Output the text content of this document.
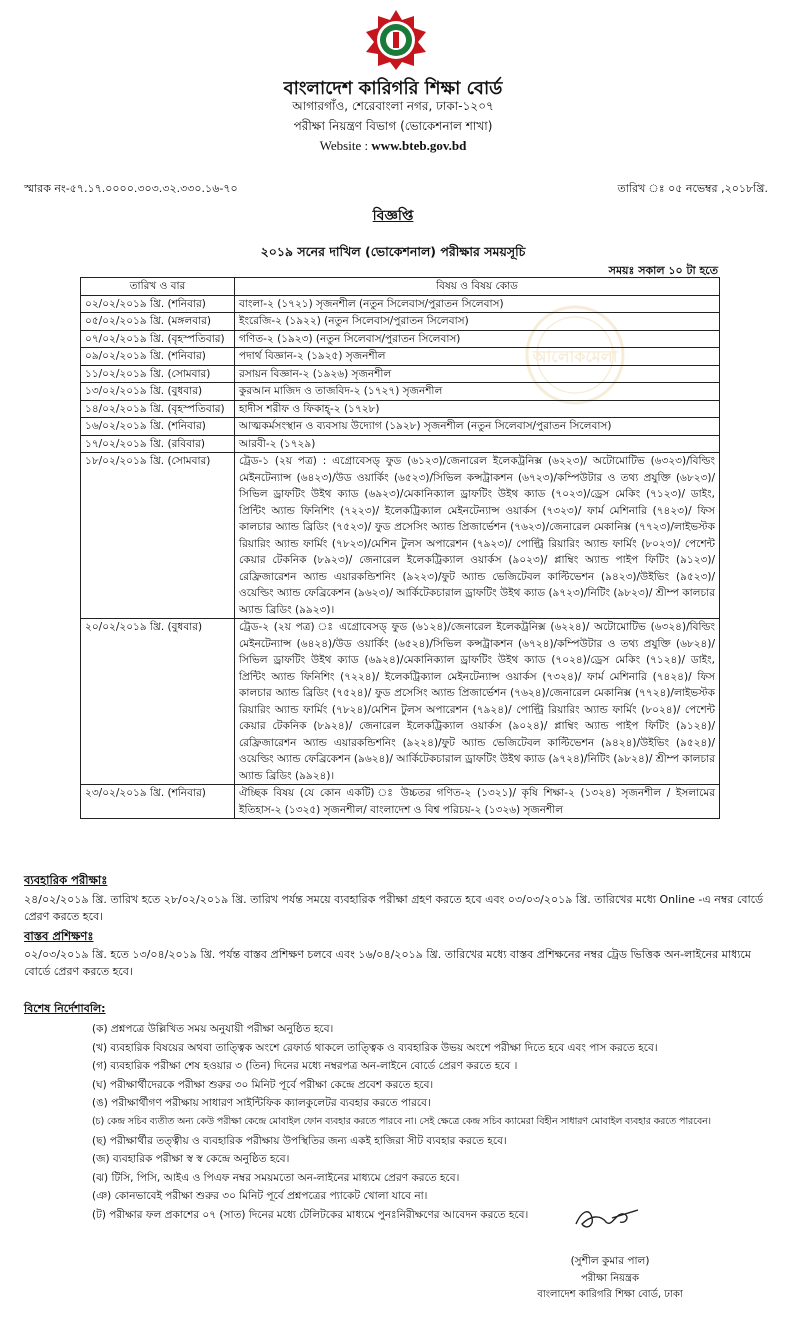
বাংলাদেশ কারিগরি শিক্ষা বোর্ড
আগারগাঁও, শেরেবাংলা নগর, ঢাকা-১২০৭
পরীক্ষা নিয়ন্ত্রণ বিভাগ (ভোকেশনাল শাখা)
Website : www.bteb.gov.bd
স্মারক নং-৫৭.১৭.০০০০.৩০৩.৩২.৩৩০.১৬-৭০	তারিখ ঃ ০৫ নভেম্বর ,২০১৮খ্রি.
বিজ্ঞপ্তি
২০১৯ সনের দাখিল (ভোকেশনাল) পরীক্ষার সময়সূচি
সময়ঃ সকাল ১০ টা হতে
আলোকমেলা
তারিখ ও বার	বিষয় ও বিষয় কোড
০২/০২/২০১৯ খ্রি. (শনিবার)	বাংলা-২ (১৭২১) সৃজনশীল (নতুন সিলেবাস/পুরাতন সিলেবাস)
০৫/০২/২০১৯ খ্রি. (মঙ্গলবার)	ইংরেজি-২ (১৯২২) (নতুন সিলেবাস/পুরাতন সিলেবাস)
০৭/০২/২০১৯ খ্রি. (বৃহস্পতিবার)	গণিত-২ (১৯২৩) (নতুন সিলেবাস/পুরাতন সিলেবাস)
০৯/০২/২০১৯ খ্রি. (শনিবার)	পদার্থ বিজ্ঞান-২ (১৯২৫) সৃজনশীল
১১/০২/২০১৯ খ্রি. (সোমবার)	রসায়ন বিজ্ঞান-২ (১৯২৬) সৃজনশীল
১৩/০২/২০১৯ খ্রি. (বুধবার)	কুরআন মাজিদ ও তাজবিদ-২ (১৭২৭) সৃজনশীল
১৪/০২/২০১৯ খ্রি. (বৃহস্পতিবার)	হাদীস শরীফ ও ফিকাহ্-২ (১৭২৮)
১৬/০২/২০১৯ খ্রি. (শনিবার)	আত্মকর্মসংস্থান ও ব্যবসায় উদ্যোগ (১৯২৮) সৃজনশীল (নতুন সিলেবাস/পুরাতন সিলেবাস)
১৭/০২/২০১৯ খ্রি. (রবিবার)	আরবী-২ (১৭২৯)
১৮/০২/২০১৯ খ্রি. (সোমবার)	ট্রেড-১ (২য় পত্র) : এগ্রোবেসড্ ফুড (৬১২৩)/জেনারেল ইলেকট্রনিক্স (৬২২৩)/ অটোমোটিভ (৬৩২৩)/বিল্ডিং মেইনটেন্যান্স (৬৪২৩)/উড ওয়ার্কিং (৬৫২৩)/সিভিল কন্সট্রাকশন (৬৭২৩)/কম্পিউটার ও তথ্য প্রযুক্তি (৬৮২৩)/সিভিল ড্রাফটিং উইথ ক্যাড (৬৯২৩)/মেকানিক্যাল ড্রাফটিং উইথ ক্যাড (৭০২৩)/ড্রেস মেকিং (৭১২৩)/ ডাইং, প্রিন্টিং অ্যান্ড ফিনিশিং (৭২২৩)/ ইলেকট্রিক্যাল মেইনটেন্যান্স ওয়ার্কস (৭৩২৩)/ ফার্ম মেশিনারি (৭৪২৩)/ ফিস কালচার অ্যান্ড ব্রিডিং (৭৫২৩)/ ফুড প্রসেসিং অ্যান্ড প্রিজার্ভেশন (৭৬২৩)/জেনারেল মেকানিক্স (৭৭২৩)/লাইভস্টক রিয়ারিং অ্যান্ড ফার্মিং (৭৮২৩)/মেশিন টুলস অপারেশন (৭৯২৩)/ পোল্ট্রি রিয়ারিং অ্যান্ড ফার্মিং (৮০২৩)/ পেশেন্ট কেয়ার টেকনিক (৮৯২৩)/ জেনারেল ইলেকট্রিক্যাল ওয়ার্কস (৯০২৩)/ প্লাম্বিং অ্যান্ড পাইপ ফিটিং (৯১২৩)/রেফ্রিজারেশন অ্যান্ড এয়ারকন্ডিশনিং (৯২২৩)/ফুট অ্যান্ড ভেজিটেবল কাল্টিভেশন (৯৪২৩)/উইভিং (৯৫২৩)/ওয়েল্ডিং অ্যান্ড ফেব্রিকেশন (৯৬২৩)/ আর্কিটেকচারাল ড্রাফটিং উইথ ক্যাড (৯৭২৩)/নিটিং (৯৮২৩)/ শ্রীম্প কালচার অ্যান্ড ব্রিডিং (৯৯২৩)।
২০/০২/২০১৯ খ্রি. (বুধবার)	ট্রেড-২ (২য় পত্র) ঃ এগ্রোবেসড্ ফুড (৬১২৪)/জেনারেল ইলেকট্রনিক্স (৬২২৪)/ অটোমোটিভ (৬৩২৪)/বিল্ডিং মেইনটেন্যান্স (৬৪২৪)/উড ওয়ার্কিং (৬৫২৪)/সিভিল কন্সট্রাকশন (৬৭২৪)/কম্পিউটার ও তথ্য প্রযুক্তি (৬৮২৪)/সিভিল ড্রাফটিং উইথ ক্যাড (৬৯২৪)/মেকানিক্যাল ড্রাফটিং উইথ ক্যাড (৭০২৪)/ড্রেস মেকিং (৭১২৪)/ ডাইং, প্রিন্টিং অ্যান্ড ফিনিশিং (৭২২৪)/ ইলেকট্রিক্যাল মেইনটেন্যান্স ওয়ার্কস (৭৩২৪)/ ফার্ম মেশিনারি (৭৪২৪)/ ফিস কালচার অ্যান্ড ব্রিডিং (৭৫২৪)/ ফুড প্রসেসিং অ্যান্ড প্রিজার্ভেশন (৭৬২৪)/জেনারেল মেকানিক্স (৭৭২৪)/লাইভস্টক রিয়ারিং অ্যান্ড ফার্মিং (৭৮২৪)/মেশিন টুলস অপারেশন (৭৯২৪)/ পোল্ট্রি রিয়ারিং অ্যান্ড ফার্মিং (৮০২৪)/ পেশেন্ট কেয়ার টেকনিক (৮৯২৪)/ জেনারেল ইলেকট্রিক্যাল ওয়ার্কস (৯০২৪)/ প্লাম্বিং অ্যান্ড পাইপ ফিটিং (৯১২৪)/রেফ্রিজারেশন অ্যান্ড এয়ারকন্ডিশনিং (৯২২৪)/ফুট অ্যান্ড ভেজিটেবল কাল্টিভেশন (৯৪২৪)/উইভিং (৯৫২৪)/ওয়েল্ডিং অ্যান্ড ফেব্রিকেশন (৯৬২৪)/ আর্কিটেকচারাল ড্রাফটিং উইথ ক্যাড (৯৭২৪)/নিটিং (৯৮২৪)/ শ্রীম্প কালচার অ্যান্ড ব্রিডিং (৯৯২৪)।
২৩/০২/২০১৯ খ্রি. (শনিবার)	ঐচ্ছিক বিষয় (যে কোন একটি) ঃ উচ্চতর গণিত-২ (১৩২১)/ কৃষি শিক্ষা-২ (১৩২৪) সৃজনশীল / ইসলামের ইতিহাস-২ (১৩২৫) সৃজনশীল/ বাংলাদেশ ও বিশ্ব পরিচয়-২ (১৩২৬) সৃজনশীল
ব্যবহারিক পরীক্ষাঃ
২৪/০২/২০১৯ খ্রি. তারিখ হতে ২৮/০২/২০১৯ খ্রি. তারিখ পর্যন্ত সময়ে ব্যবহারিক পরীক্ষা গ্রহণ করতে হবে এবং ০৩/০৩/২০১৯ খ্রি. তারিখের মধ্যে Online -এ নম্বর বোর্ডে প্রেরণ করতে হবে।
বাস্তব প্রশিক্ষণঃ
০২/০৩/২০১৯ খ্রি. হতে ১৩/০৪/২০১৯ খ্রি. পর্যন্ত বাস্তব প্রশিক্ষণ চলবে এবং ১৬/০৪/২০১৯ খ্রি. তারিখের মধ্যে বাস্তব প্রশিক্ষনের নম্বর ট্রেড ভিত্তিক অন-লাইনের মাধ্যমে বোর্ডে প্রেরণ করতে হবে।
বিশেষ নির্দেশাবলি:
(ক) প্রশ্নপত্রে উল্লিখিত সময় অনুযায়ী পরীক্ষা অনুষ্ঠিত হবে।
(খ) ব্যবহারিক বিষয়ের অথবা তাত্ত্বিক অংশে রেফার্ড থাকলে তাত্ত্বিক ও ব্যবহারিক উভয় অংশে পরীক্ষা দিতে হবে এবং পাস করতে হবে।
(গ) ব্যবহারিক পরীক্ষা শেষ হওয়ার ৩ (তিন) দিনের মধ্যে নম্বরপত্র অন-লাইনে বোর্ডে প্রেরণ করতে হবে ।
(ঘ) পরীক্ষার্থীদেরকে পরীক্ষা শুরুর ৩০ মিনিট পূর্বে পরীক্ষা কেন্দ্রে প্রবেশ করতে হবে।
(ঙ) পরীক্ষার্থীগণ পরীক্ষায় সাধারণ সাইন্টিফিক ক্যালকুলেটর ব্যবহার করতে পারবে।
(চ) কেন্দ্র সচিব ব্যতীত অন্য কেউ পরীক্ষা কেন্দ্রে মোবাইল ফোন ব্যবহার করতে পারবে না। সেই ক্ষেত্রে কেন্দ্র সচিব ক্যামেরা বিহীন সাধারণ মোবাইল ব্যবহার করতে পারবেন।
(ছ) পরীক্ষার্থীর তত্ত্বীয় ও ব্যবহারিক পরীক্ষায় উপস্থিতির জন্য একই হাজিরা সীট ব্যবহার করতে হবে।
(জ) ব্যবহারিক পরীক্ষা স্ব স্ব কেন্দ্রে অনুষ্ঠিত হবে।
(ঝ) টিসি, পিসি, আইএ ও পিএফ নম্বর সময়মতো অন-লাইনের মাধ্যমে প্রেরণ করতে হবে।
(ঞ) কোনভাবেই পরীক্ষা শুরুর ৩০ মিনিট পূর্বে প্রশ্নপত্রের প্যাকেট খোলা যাবে না।
(ট) পরীক্ষার ফল প্রকাশের ০৭ (সাত) দিনের মধ্যে টেলিটকের মাধ্যমে পুনঃনিরীক্ষণের আবেদন করতে হবে।
(সুশীল কুমার পাল)
পরীক্ষা নিয়ন্ত্রক
বাংলাদেশ কারিগরি শিক্ষা বোর্ড, ঢাকা
